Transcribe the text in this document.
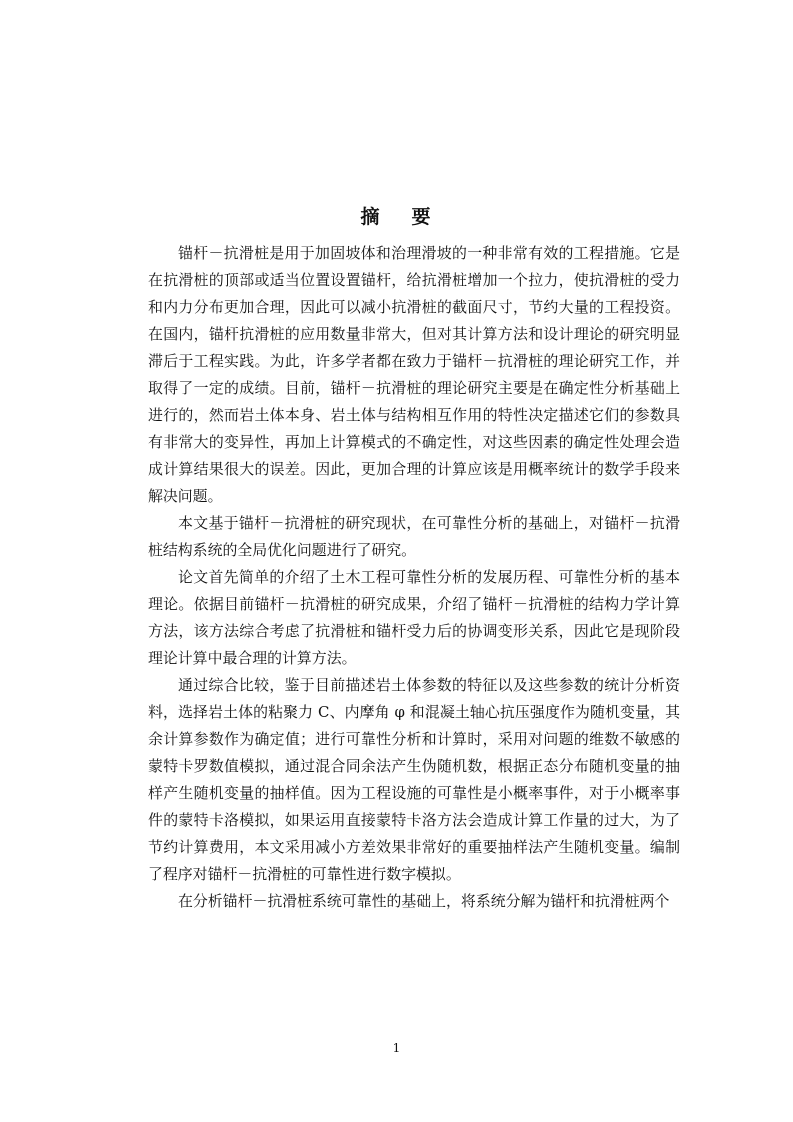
摘 要
锚杆－抗滑桩是用于加固坡体和治理滑坡的一种非常有效的工程措施。它是
在抗滑桩的顶部或适当位置设置锚杆，给抗滑桩增加一个拉力，使抗滑桩的受力
和内力分布更加合理，因此可以减小抗滑桩的截面尺寸，节约大量的工程投资。
在国内，锚杆抗滑桩的应用数量非常大，但对其计算方法和设计理论的研究明显
滞后于工程实践。为此，许多学者都在致力于锚杆－抗滑桩的理论研究工作，并
取得了一定的成绩。目前，锚杆－抗滑桩的理论研究主要是在确定性分析基础上
进行的，然而岩土体本身、岩土体与结构相互作用的特性决定描述它们的参数具
有非常大的变异性，再加上计算模式的不确定性，对这些因素的确定性处理会造
成计算结果很大的误差。因此，更加合理的计算应该是用概率统计的数学手段来
解决问题。
本文基于锚杆－抗滑桩的研究现状，在可靠性分析的基础上，对锚杆－抗滑
桩结构系统的全局优化问题进行了研究。
论文首先简单的介绍了土木工程可靠性分析的发展历程、可靠性分析的基本
理论。依据目前锚杆－抗滑桩的研究成果，介绍了锚杆－抗滑桩的结构力学计算
方法，该方法综合考虑了抗滑桩和锚杆受力后的协调变形关系，因此它是现阶段
理论计算中最合理的计算方法。
通过综合比较，鉴于目前描述岩土体参数的特征以及这些参数的统计分析资
料，选择岩土体的粘聚力 C、内摩角 φ 和混凝土轴心抗压强度作为随机变量，其
余计算参数作为确定值；进行可靠性分析和计算时，采用对问题的维数不敏感的
蒙特卡罗数值模拟，通过混合同余法产生伪随机数，根据正态分布随机变量的抽
样产生随机变量的抽样值。因为工程设施的可靠性是小概率事件，对于小概率事
件的蒙特卡洛模拟，如果运用直接蒙特卡洛方法会造成计算工作量的过大，为了
节约计算费用，本文采用减小方差效果非常好的重要抽样法产生随机变量。编制
了程序对锚杆－抗滑桩的可靠性进行数字模拟。
在分析锚杆－抗滑桩系统可靠性的基础上，将系统分解为锚杆和抗滑桩两个
1
